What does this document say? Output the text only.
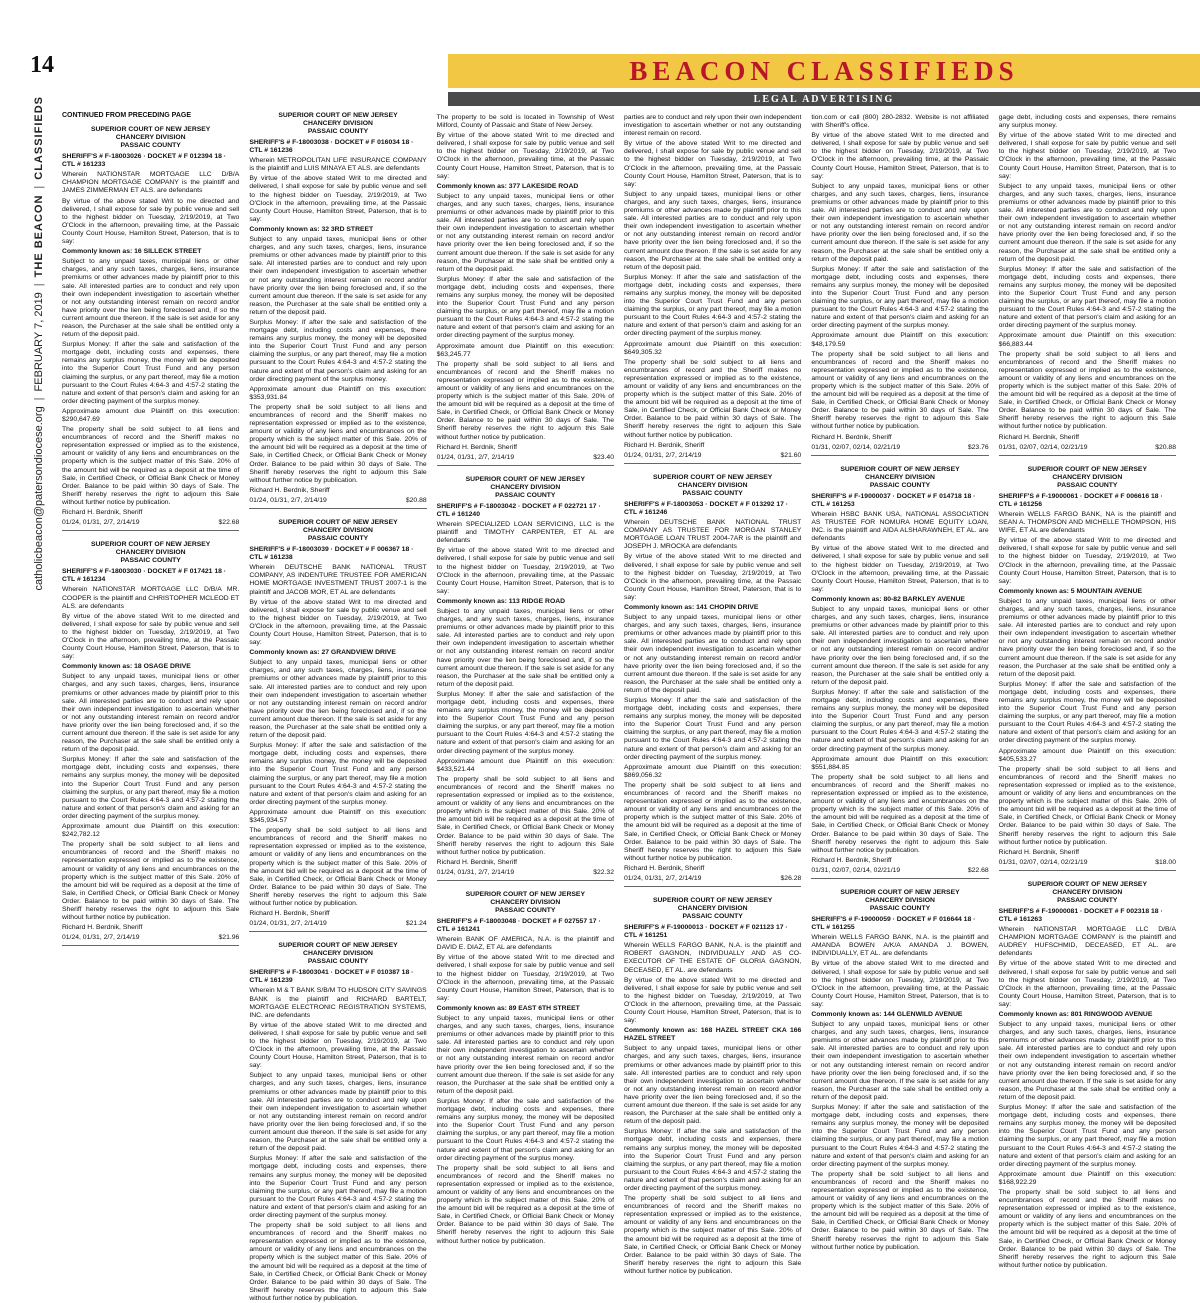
14	BEACON CLASSIFIEDS
LEGAL ADVERTISING
CLASSIFIEDS
|
THE BEACON
|
FEBRUARY 7, 2019
|
catholicbeacon@patersondiocese.org
CONTINUED FROM PRECEDING PAGE
SUPERIOR COURT OF NEW JERSEY
CHANCERY DIVISION
PASSAIC COUNTY
SHERIFF'S # F-18003026 · DOCKET # F 012394 18 · CTL # 161233

Wherein NATIONSTAR MORTGAGE LLC D/B/A CHAMPION MORTGAGE COMPANY is the plaintiff and JAMES ZIMMERMAN ET ALS. are defendants

By virtue of the above stated Writ to me directed and delivered, I shall expose for sale by public venue and sell to the highest bidder on Tuesday, 2/19/2019, at Two O'Clock in the afternoon, prevailing time, at the Passaic County Court House, Hamilton Street, Paterson, that is to say:

Commonly known as: 16 SILLECK STREET

Subject to any unpaid taxes, municipal liens or other charges, and any such taxes, charges, liens, insurance premiums or other advances made by plaintiff prior to this sale. All interested parties are to conduct and rely upon their own independent investigation to ascertain whether or not any outstanding interest remain on record and/or have priority over the lien being foreclosed and, if so the current amount due thereon. If the sale is set aside for any reason, the Purchaser at the sale shall be entitled only a return of the deposit paid.

Surplus Money: If after the sale and satisfaction of the mortgage debt, including costs and expenses, there remains any surplus money, the money will be deposited into the Superior Court Trust Fund and any person claiming the surplus, or any part thereof, may file a motion pursuant to the Court Rules 4:64-3 and 4:57-2 stating the nature and extent of that person's claim and asking for an order directing payment of the surplus money.

Approximate amount due Plaintiff on this execution: $290,647.69

The property shall be sold subject to all liens and encumbrances of record and the Sheriff makes no representation expressed or implied as to the existence, amount or validity of any liens and encumbrances on the property which is the subject matter of this Sale. 20% of the amount bid will be required as a deposit at the time of Sale, in Certified Check, or Official Bank Check or Money Order. Balance to be paid within 30 days of Sale. The Sheriff hereby reserves the right to adjourn this Sale without further notice by publication.

Richard H. Berdnik, Sheriff

01/24, 01/31, 2/7, 2/14/19	$22.68
SUPERIOR COURT OF NEW JERSEY
CHANCERY DIVISION
PASSAIC COUNTY
SHERIFF'S # F-18003030 · DOCKET # F 017421 18 · CTL # 161234

Wherein NATIONSTAR MORTGAGE LLC D/B/A MR. COOPER is the plaintiff and CHRISTOPHER MCLEOD ET ALS. are defendants

By virtue of the above stated Writ to me directed and delivered, I shall expose for sale by public venue and sell to the highest bidder on Tuesday, 2/19/2019, at Two O'Clock in the afternoon, prevailing time, at the Passaic County Court House, Hamilton Street, Paterson, that is to say:

Commonly known as: 18 OSAGE DRIVE

Subject to any unpaid taxes, municipal liens or other charges, and any such taxes, charges, liens, insurance premiums or other advances made by plaintiff prior to this sale. All interested parties are to conduct and rely upon their own independent investigation to ascertain whether or not any outstanding interest remain on record and/or have priority over the lien being foreclosed and, if so the current amount due thereon. If the sale is set aside for any reason, the Purchaser at the sale shall be entitled only a return of the deposit paid.

Surplus Money: If after the sale and satisfaction of the mortgage debt, including costs and expenses, there remains any surplus money, the money will be deposited into the Superior Court Trust Fund and any person claiming the surplus, or any part thereof, may file a motion pursuant to the Court Rules 4:64-3 and 4:57-2 stating the nature and extent of that person's claim and asking for an order directing payment of the surplus money.

Approximate amount due Plaintiff on this execution: $242,782.12

The property shall be sold subject to all liens and encumbrances of record and the Sheriff makes no representation expressed or implied as to the existence, amount or validity of any liens and encumbrances on the property which is the subject matter of this Sale. 20% of the amount bid will be required as a deposit at the time of Sale, in Certified Check, or Official Bank Check or Money Order. Balance to be paid within 30 days of Sale. The Sheriff hereby reserves the right to adjourn this Sale without further notice by publication.

Richard H. Berdnik, Sheriff

01/24, 01/31, 2/7, 2/14/19	$21.96
SUPERIOR COURT OF NEW JERSEY
CHANCERY DIVISION
PASSAIC COUNTY
SHERIFF'S # F-18003038 · DOCKET # F 016034 18 · CTL # 161236

Wherein METROPOLITAN LIFE INSURANCE COMPANY is the plaintiff and LUIS MINAYA ET ALS. are defendants

By virtue of the above stated Writ to me directed and delivered, I shall expose for sale by public venue and sell to the highest bidder on Tuesday, 2/19/2019, at Two O'Clock in the afternoon, prevailing time, at the Passaic County Court House, Hamilton Street, Paterson, that is to say:

Commonly known as: 32 3RD STREET

Subject to any unpaid taxes, municipal liens or other charges, and any such taxes, charges, liens, insurance premiums or other advances made by plaintiff prior to this sale. All interested parties are to conduct and rely upon their own independent investigation to ascertain whether or not any outstanding interest remain on record and/or have priority over the lien being foreclosed and, if so the current amount due thereon. If the sale is set aside for any reason, the Purchaser at the sale shall be entitled only a return of the deposit paid.

Surplus Money: If after the sale and satisfaction of the mortgage debt, including costs and expenses, there remains any surplus money, the money will be deposited into the Superior Court Trust Fund and any person claiming the surplus, or any part thereof, may file a motion pursuant to the Court Rules 4:64-3 and 4:57-2 stating the nature and extent of that person's claim and asking for an order directing payment of the surplus money.

Approximate amount due Plaintiff on this execution: $353,931.84

The property shall be sold subject to all liens and encumbrances of record and the Sheriff makes no representation expressed or implied as to the existence, amount or validity of any liens and encumbrances on the property which is the subject matter of this Sale. 20% of the amount bid will be required as a deposit at the time of Sale, in Certified Check, or Official Bank Check or Money Order. Balance to be paid within 30 days of Sale. The Sheriff hereby reserves the right to adjourn this Sale without further notice by publication.

Richard H. Berdnik, Sheriff

01/24, 01/31, 2/7, 2/14/19	$20.88
SUPERIOR COURT OF NEW JERSEY
CHANCERY DIVISION
PASSAIC COUNTY
SHERIFF'S # F-18003039 · DOCKET # F 006367 18 · CTL # 161238

Wherein DEUTSCHE BANK NATIONAL TRUST COMPANY, AS INDENTURE TRUSTEE FOR AMERICAN HOME MORTGAGE INVESTMENT TRUST 2007-1 is the plaintiff and JACOB MOR, ET AL are defendants

By virtue of the above stated Writ to me directed and delivered, I shall expose for sale by public venue and sell to the highest bidder on Tuesday, 2/19/2019, at Two O'Clock in the afternoon, prevailing time, at the Passaic County Court House, Hamilton Street, Paterson, that is to say:

Commonly known as: 27 GRANDVIEW DRIVE

Subject to any unpaid taxes, municipal liens or other charges, and any such taxes, charges, liens, insurance premiums or other advances made by plaintiff prior to this sale. All interested parties are to conduct and rely upon their own independent investigation to ascertain whether or not any outstanding interest remain on record and/or have priority over the lien being foreclosed and, if so the current amount due thereon. If the sale is set aside for any reason, the Purchaser at the sale shall be entitled only a return of the deposit paid.

Surplus Money: If after the sale and satisfaction of the mortgage debt, including costs and expenses, there remains any surplus money, the money will be deposited into the Superior Court Trust Fund and any person claiming the surplus, or any part thereof, may file a motion pursuant to the Court Rules 4:64-3 and 4:57-2 stating the nature and extent of that person's claim and asking for an order directing payment of the surplus money.

Approximate amount due Plaintiff on this execution: $345,934.57

The property shall be sold subject to all liens and encumbrances of record and the Sheriff makes no representation expressed or implied as to the existence, amount or validity of any liens and encumbrances on the property which is the subject matter of this Sale. 20% of the amount bid will be required as a deposit at the time of Sale, in Certified Check, or Official Bank Check or Money Order. Balance to be paid within 30 days of Sale. The Sheriff hereby reserves the right to adjourn this Sale without further notice by publication.

Richard H. Berdnik, Sheriff

01/24, 01/31, 2/7, 2/14/19	$21.24
SUPERIOR COURT OF NEW JERSEY
CHANCERY DIVISION
PASSAIC COUNTY
SHERIFF'S # F-18003041 · DOCKET # F 010387 18 · CTL # 161239

Wherein M & T BANK S/B/M TO HUDSON CITY SAVINGS BANK is the plaintiff and RICHARD BARTELT, MORTGAGE ELECTRONIC REGISTRATION SYSTEMS, INC. are defendants

By virtue of the above stated Writ to me directed and delivered, I shall expose for sale by public venue and sell to the highest bidder on Tuesday, 2/19/2019, at Two O'Clock in the afternoon, prevailing time, at the Passaic County Court House, Hamilton Street, Paterson, that is to say:

Subject to any unpaid taxes, municipal liens or other charges, and any such taxes, charges, liens, insurance premiums or other advances made by plaintiff prior to this sale. All interested parties are to conduct and rely upon their own independent investigation to ascertain whether or not any outstanding interest remain on record and/or have priority over the lien being foreclosed and, if so the current amount due thereon. If the sale is set aside for any reason, the Purchaser at the sale shall be entitled only a return of the deposit paid.

Surplus Money: If after the sale and satisfaction of the mortgage debt, including costs and expenses, there remains any surplus money, the money will be deposited into the Superior Court Trust Fund and any person claiming the surplus, or any part thereof, may file a motion pursuant to the Court Rules 4:64-3 and 4:57-2 stating the nature and extent of that person's claim and asking for an order directing payment of the surplus money.

The property shall be sold subject to all liens and encumbrances of record and the Sheriff makes no representation expressed or implied as to the existence, amount or validity of any liens and encumbrances on the property which is the subject matter of this Sale. 20% of the amount bid will be required as a deposit at the time of Sale, in Certified Check, or Official Bank Check or Money Order. Balance to be paid within 30 days of Sale. The Sheriff hereby reserves the right to adjourn this Sale without further notice by publication.

The property to be sold is located in Township of West Milford, County of Passaic and State of New Jersey.

By virtue of the above stated Writ to me directed and delivered, I shall expose for sale by public venue and sell to the highest bidder on Tuesday, 2/19/2019, at Two O'Clock in the afternoon, prevailing time, at the Passaic County Court House, Hamilton Street, Paterson, that is to say:

Commonly known as: 377 LAKESIDE ROAD

Subject to any unpaid taxes, municipal liens or other charges, and any such taxes, charges, liens, insurance premiums or other advances made by plaintiff prior to this sale. All interested parties are to conduct and rely upon their own independent investigation to ascertain whether or not any outstanding interest remain on record and/or have priority over the lien being foreclosed and, if so the current amount due thereon. If the sale is set aside for any reason, the Purchaser at the sale shall be entitled only a return of the deposit paid.

Surplus Money: If after the sale and satisfaction of the mortgage debt, including costs and expenses, there remains any surplus money, the money will be deposited into the Superior Court Trust Fund and any person claiming the surplus, or any part thereof, may file a motion pursuant to the Court Rules 4:64-3 and 4:57-2 stating the nature and extent of that person's claim and asking for an order directing payment of the surplus money.

Approximate amount due Plaintiff on this execution: $63,245.77

The property shall be sold subject to all liens and encumbrances of record and the Sheriff makes no representation expressed or implied as to the existence, amount or validity of any liens and encumbrances on the property which is the subject matter of this Sale. 20% of the amount bid will be required as a deposit at the time of Sale, in Certified Check, or Official Bank Check or Money Order. Balance to be paid within 30 days of Sale. The Sheriff hereby reserves the right to adjourn this Sale without further notice by publication.

Richard H. Berdnik, Sheriff

01/24, 01/31, 2/7, 2/14/19	$23.40
SUPERIOR COURT OF NEW JERSEY
CHANCERY DIVISION
PASSAIC COUNTY
SHERIFF'S # F-18003042 · DOCKET # F 022721 17 · CTL # 161240

Wherein SPECIALIZED LOAN SERVICING, LLC is the plaintiff and TIMOTHY CARPENTER, ET AL are defendants

By virtue of the above stated Writ to me directed and delivered, I shall expose for sale by public venue and sell to the highest bidder on Tuesday, 2/19/2019, at Two O'Clock in the afternoon, prevailing time, at the Passaic County Court House, Hamilton Street, Paterson, that is to say:

Commonly known as: 113 RIDGE ROAD

Subject to any unpaid taxes, municipal liens or other charges, and any such taxes, charges, liens, insurance premiums or other advances made by plaintiff prior to this sale. All interested parties are to conduct and rely upon their own independent investigation to ascertain whether or not any outstanding interest remain on record and/or have priority over the lien being foreclosed and, if so the current amount due thereon. If the sale is set aside for any reason, the Purchaser at the sale shall be entitled only a return of the deposit paid.

Surplus Money: If after the sale and satisfaction of the mortgage debt, including costs and expenses, there remains any surplus money, the money will be deposited into the Superior Court Trust Fund and any person claiming the surplus, or any part thereof, may file a motion pursuant to the Court Rules 4:64-3 and 4:57-2 stating the nature and extent of that person's claim and asking for an order directing payment of the surplus money.

Approximate amount due Plaintiff on this execution: $433,521.44

The property shall be sold subject to all liens and encumbrances of record and the Sheriff makes no representation expressed or implied as to the existence, amount or validity of any liens and encumbrances on the property which is the subject matter of this Sale. 20% of the amount bid will be required as a deposit at the time of Sale, in Certified Check, or Official Bank Check or Money Order. Balance to be paid within 30 days of Sale. The Sheriff hereby reserves the right to adjourn this Sale without further notice by publication.

Richard H. Berdnik, Sheriff

01/24, 01/31, 2/7, 2/14/19	$22.32
SUPERIOR COURT OF NEW JERSEY
CHANCERY DIVISION
PASSAIC COUNTY
SHERIFF'S # F-18003048 · DOCKET # F 027557 17 · CTL # 161241

Wherein BANK OF AMERICA, N.A. is the plaintiff and DAVID E. DIAZ, ET AL are defendants

By virtue of the above stated Writ to me directed and delivered, I shall expose for sale by public venue and sell to the highest bidder on Tuesday, 2/19/2019, at Two O'Clock in the afternoon, prevailing time, at the Passaic County Court House, Hamilton Street, Paterson, that is to say:

Commonly known as: 89 EAST 6TH STREET

Subject to any unpaid taxes, municipal liens or other charges, and any such taxes, charges, liens, insurance premiums or other advances made by plaintiff prior to this sale. All interested parties are to conduct and rely upon their own independent investigation to ascertain whether or not any outstanding interest remain on record and/or have priority over the lien being foreclosed and, if so the current amount due thereon. If the sale is set aside for any reason, the Purchaser at the sale shall be entitled only a return of the deposit paid.

Surplus Money: If after the sale and satisfaction of the mortgage debt, including costs and expenses, there remains any surplus money, the money will be deposited into the Superior Court Trust Fund and any person claiming the surplus, or any part thereof, may file a motion pursuant to the Court Rules 4:64-3 and 4:57-2 stating the nature and extent of that person's claim and asking for an order directing payment of the surplus money.

The property shall be sold subject to all liens and encumbrances of record and the Sheriff makes no representation expressed or implied as to the existence, amount or validity of any liens and encumbrances on the property which is the subject matter of this Sale. 20% of the amount bid will be required as a deposit at the time of Sale, in Certified Check, or Official Bank Check or Money Order. Balance to be paid within 30 days of Sale. The Sheriff hereby reserves the right to adjourn this Sale without further notice by publication.

parties are to conduct and rely upon their own independent investigation to ascertain whether or not any outstanding interest remain on record.

By virtue of the above stated Writ to me directed and delivered, I shall expose for sale by public venue and sell to the highest bidder on Tuesday, 2/19/2019, at Two O'Clock in the afternoon, prevailing time, at the Passaic County Court House, Hamilton Street, Paterson, that is to say:

Subject to any unpaid taxes, municipal liens or other charges, and any such taxes, charges, liens, insurance premiums or other advances made by plaintiff prior to this sale. All interested parties are to conduct and rely upon their own independent investigation to ascertain whether or not any outstanding interest remain on record and/or have priority over the lien being foreclosed and, if so the current amount due thereon. If the sale is set aside for any reason, the Purchaser at the sale shall be entitled only a return of the deposit paid.

Surplus Money: If after the sale and satisfaction of the mortgage debt, including costs and expenses, there remains any surplus money, the money will be deposited into the Superior Court Trust Fund and any person claiming the surplus, or any part thereof, may file a motion pursuant to the Court Rules 4:64-3 and 4:57-2 stating the nature and extent of that person's claim and asking for an order directing payment of the surplus money.

Approximate amount due Plaintiff on this execution: $649,305.32

The property shall be sold subject to all liens and encumbrances of record and the Sheriff makes no representation expressed or implied as to the existence, amount or validity of any liens and encumbrances on the property which is the subject matter of this Sale. 20% of the amount bid will be required as a deposit at the time of Sale, in Certified Check, or Official Bank Check or Money Order. Balance to be paid within 30 days of Sale. The Sheriff hereby reserves the right to adjourn this Sale without further notice by publication.

Richard H. Berdnik, Sheriff

01/24, 01/31, 2/7, 2/14/19	$21.60
SUPERIOR COURT OF NEW JERSEY
CHANCERY DIVISION
PASSAIC COUNTY
SHERIFF'S # F-18003053 · DOCKET # F 013292 17 · CTL # 161246

Wherein DEUTSCHE BANK NATIONAL TRUST COMPANY AS TRUSTEE FOR MORGAN STANLEY MORTGAGE LOAN TRUST 2004-7AR is the plaintiff and JOSEPH J. MROCKA are defendants

By virtue of the above stated Writ to me directed and delivered, I shall expose for sale by public venue and sell to the highest bidder on Tuesday, 2/19/2019, at Two O'Clock in the afternoon, prevailing time, at the Passaic County Court House, Hamilton Street, Paterson, that is to say:

Commonly known as: 141 CHOPIN DRIVE

Subject to any unpaid taxes, municipal liens or other charges, and any such taxes, charges, liens, insurance premiums or other advances made by plaintiff prior to this sale. All interested parties are to conduct and rely upon their own independent investigation to ascertain whether or not any outstanding interest remain on record and/or have priority over the lien being foreclosed and, if so the current amount due thereon. If the sale is set aside for any reason, the Purchaser at the sale shall be entitled only a return of the deposit paid.

Surplus Money: If after the sale and satisfaction of the mortgage debt, including costs and expenses, there remains any surplus money, the money will be deposited into the Superior Court Trust Fund and any person claiming the surplus, or any part thereof, may file a motion pursuant to the Court Rules 4:64-3 and 4:57-2 stating the nature and extent of that person's claim and asking for an order directing payment of the surplus money.

Approximate amount due Plaintiff on this execution: $869,056.32

The property shall be sold subject to all liens and encumbrances of record and the Sheriff makes no representation expressed or implied as to the existence, amount or validity of any liens and encumbrances on the property which is the subject matter of this Sale. 20% of the amount bid will be required as a deposit at the time of Sale, in Certified Check, or Official Bank Check or Money Order. Balance to be paid within 30 days of Sale. The Sheriff hereby reserves the right to adjourn this Sale without further notice by publication.

Richard H. Berdnik, Sheriff

01/24, 01/31, 2/7, 2/14/19	$26.28
SUPERIOR COURT OF NEW JERSEY
CHANCERY DIVISION
PASSAIC COUNTY
SHERIFF'S # F-19000013 · DOCKET # F 021123 17 · CTL # 161251

Wherein WELLS FARGO BANK, N.A. is the plaintiff and ROBERT GAGNON, INDIVIDUALLY AND AS CO-EXECUTOR OF THE ESTATE OF GLORIA GAGNON, DECEASED, ET AL. are defendants

By virtue of the above stated Writ to me directed and delivered, I shall expose for sale by public venue and sell to the highest bidder on Tuesday, 2/19/2019, at Two O'Clock in the afternoon, prevailing time, at the Passaic County Court House, Hamilton Street, Paterson, that is to say:

Commonly known as: 168 HAZEL STREET CKA 166 HAZEL STREET

Subject to any unpaid taxes, municipal liens or other charges, and any such taxes, charges, liens, insurance premiums or other advances made by plaintiff prior to this sale. All interested parties are to conduct and rely upon their own independent investigation to ascertain whether or not any outstanding interest remain on record and/or have priority over the lien being foreclosed and, if so the current amount due thereon. If the sale is set aside for any reason, the Purchaser at the sale shall be entitled only a return of the deposit paid.

Surplus Money: If after the sale and satisfaction of the mortgage debt, including costs and expenses, there remains any surplus money, the money will be deposited into the Superior Court Trust Fund and any person claiming the surplus, or any part thereof, may file a motion pursuant to the Court Rules 4:64-3 and 4:57-2 stating the nature and extent of that person's claim and asking for an order directing payment of the surplus money.

The property shall be sold subject to all liens and encumbrances of record and the Sheriff makes no representation expressed or implied as to the existence, amount or validity of any liens and encumbrances on the property which is the subject matter of this Sale. 20% of the amount bid will be required as a deposit at the time of Sale, in Certified Check, or Official Bank Check or Money Order. Balance to be paid within 30 days of Sale. The Sheriff hereby reserves the right to adjourn this Sale without further notice by publication.

tion.com or call (800) 280-2832. Website is not affiliated with Sheriff's office.

By virtue of the above stated Writ to me directed and delivered, I shall expose for sale by public venue and sell to the highest bidder on Tuesday, 2/19/2019, at Two O'Clock in the afternoon, prevailing time, at the Passaic County Court House, Hamilton Street, Paterson, that is to say:

Subject to any unpaid taxes, municipal liens or other charges, and any such taxes, charges, liens, insurance premiums or other advances made by plaintiff prior to this sale. All interested parties are to conduct and rely upon their own independent investigation to ascertain whether or not any outstanding interest remain on record and/or have priority over the lien being foreclosed and, if so the current amount due thereon. If the sale is set aside for any reason, the Purchaser at the sale shall be entitled only a return of the deposit paid.

Surplus Money: If after the sale and satisfaction of the mortgage debt, including costs and expenses, there remains any surplus money, the money will be deposited into the Superior Court Trust Fund and any person claiming the surplus, or any part thereof, may file a motion pursuant to the Court Rules 4:64-3 and 4:57-2 stating the nature and extent of that person's claim and asking for an order directing payment of the surplus money.

Approximate amount due Plaintiff on this execution: $48,179.59

The property shall be sold subject to all liens and encumbrances of record and the Sheriff makes no representation expressed or implied as to the existence, amount or validity of any liens and encumbrances on the property which is the subject matter of this Sale. 20% of the amount bid will be required as a deposit at the time of Sale, in Certified Check, or Official Bank Check or Money Order. Balance to be paid within 30 days of Sale. The Sheriff hereby reserves the right to adjourn this Sale without further notice by publication.

Richard H. Berdnik, Sheriff

01/31, 02/07, 02/14, 02/21/19	$23.76
SUPERIOR COURT OF NEW JERSEY
CHANCERY DIVISION
PASSAIC COUNTY
SHERIFF'S # F-19000037 · DOCKET # F 014718 18 · CTL # 161253

Wherein HSBC BANK USA, NATIONAL ASSOCIATION AS TRUSTEE FOR NOMURA HOME EQUITY LOAN, INC. is the plaintiff and AIDA ALSHARAWNEH, ET AL. are defendants

By virtue of the above stated Writ to me directed and delivered, I shall expose for sale by public venue and sell to the highest bidder on Tuesday, 2/19/2019, at Two O'Clock in the afternoon, prevailing time, at the Passaic County Court House, Hamilton Street, Paterson, that is to say:

Commonly known as: 80-82 BARKLEY AVENUE

Subject to any unpaid taxes, municipal liens or other charges, and any such taxes, charges, liens, insurance premiums or other advances made by plaintiff prior to this sale. All interested parties are to conduct and rely upon their own independent investigation to ascertain whether or not any outstanding interest remain on record and/or have priority over the lien being foreclosed and, if so the current amount due thereon. If the sale is set aside for any reason, the Purchaser at the sale shall be entitled only a return of the deposit paid.

Surplus Money: If after the sale and satisfaction of the mortgage debt, including costs and expenses, there remains any surplus money, the money will be deposited into the Superior Court Trust Fund and any person claiming the surplus, or any part thereof, may file a motion pursuant to the Court Rules 4:64-3 and 4:57-2 stating the nature and extent of that person's claim and asking for an order directing payment of the surplus money.

Approximate amount due Plaintiff on this execution: $551,884.85

The property shall be sold subject to all liens and encumbrances of record and the Sheriff makes no representation expressed or implied as to the existence, amount or validity of any liens and encumbrances on the property which is the subject matter of this Sale. 20% of the amount bid will be required as a deposit at the time of Sale, in Certified Check, or Official Bank Check or Money Order. Balance to be paid within 30 days of Sale. The Sheriff hereby reserves the right to adjourn this Sale without further notice by publication.

Richard H. Berdnik, Sheriff

01/31, 02/07, 02/14, 02/21/19	$22.68
SUPERIOR COURT OF NEW JERSEY
CHANCERY DIVISION
PASSAIC COUNTY
SHERIFF'S # F-19000059 · DOCKET # F 016644 18 · CTL # 161255

Wherein WELLS FARGO BANK, N.A. is the plaintiff and AMANDA BOWEN A/K/A AMANDA J. BOWEN, INDIVIDUALLY, ET AL. are defendants

By virtue of the above stated Writ to me directed and delivered, I shall expose for sale by public venue and sell to the highest bidder on Tuesday, 2/19/2019, at Two O'Clock in the afternoon, prevailing time, at the Passaic County Court House, Hamilton Street, Paterson, that is to say:

Commonly known as: 144 GLENWILD AVENUE

Subject to any unpaid taxes, municipal liens or other charges, and any such taxes, charges, liens, insurance premiums or other advances made by plaintiff prior to this sale. All interested parties are to conduct and rely upon their own independent investigation to ascertain whether or not any outstanding interest remain on record and/or have priority over the lien being foreclosed and, if so the current amount due thereon. If the sale is set aside for any reason, the Purchaser at the sale shall be entitled only a return of the deposit paid.

Surplus Money: If after the sale and satisfaction of the mortgage debt, including costs and expenses, there remains any surplus money, the money will be deposited into the Superior Court Trust Fund and any person claiming the surplus, or any part thereof, may file a motion pursuant to the Court Rules 4:64-3 and 4:57-2 stating the nature and extent of that person's claim and asking for an order directing payment of the surplus money.

The property shall be sold subject to all liens and encumbrances of record and the Sheriff makes no representation expressed or implied as to the existence, amount or validity of any liens and encumbrances on the property which is the subject matter of this Sale. 20% of the amount bid will be required as a deposit at the time of Sale, in Certified Check, or Official Bank Check or Money Order. Balance to be paid within 30 days of Sale. The Sheriff hereby reserves the right to adjourn this Sale without further notice by publication.

gage debt, including costs and expenses, there remains any surplus money.

By virtue of the above stated Writ to me directed and delivered, I shall expose for sale by public venue and sell to the highest bidder on Tuesday, 2/19/2019, at Two O'Clock in the afternoon, prevailing time, at the Passaic County Court House, Hamilton Street, Paterson, that is to say:

Subject to any unpaid taxes, municipal liens or other charges, and any such taxes, charges, liens, insurance premiums or other advances made by plaintiff prior to this sale. All interested parties are to conduct and rely upon their own independent investigation to ascertain whether or not any outstanding interest remain on record and/or have priority over the lien being foreclosed and, if so the current amount due thereon. If the sale is set aside for any reason, the Purchaser at the sale shall be entitled only a return of the deposit paid.

Surplus Money: If after the sale and satisfaction of the mortgage debt, including costs and expenses, there remains any surplus money, the money will be deposited into the Superior Court Trust Fund and any person claiming the surplus, or any part thereof, may file a motion pursuant to the Court Rules 4:64-3 and 4:57-2 stating the nature and extent of that person's claim and asking for an order directing payment of the surplus money.

Approximate amount due Plaintiff on this execution: $66,883.44

The property shall be sold subject to all liens and encumbrances of record and the Sheriff makes no representation expressed or implied as to the existence, amount or validity of any liens and encumbrances on the property which is the subject matter of this Sale. 20% of the amount bid will be required as a deposit at the time of Sale, in Certified Check, or Official Bank Check or Money Order. Balance to be paid within 30 days of Sale. The Sheriff hereby reserves the right to adjourn this Sale without further notice by publication.

Richard H. Berdnik, Sheriff

01/31, 02/07, 02/14, 02/21/19	$20.88
SUPERIOR COURT OF NEW JERSEY
CHANCERY DIVISION
PASSAIC COUNTY
SHERIFF'S # F-19000061 · DOCKET # F 006616 18 · CTL # 161256

Wherein WELLS FARGO BANK, NA is the plaintiff and SEAN A. THOMPSON AND MICHELLE THOMPSON, HIS WIFE, ET AL are defendants

By virtue of the above stated Writ to me directed and delivered, I shall expose for sale by public venue and sell to the highest bidder on Tuesday, 2/19/2019, at Two O'Clock in the afternoon, prevailing time, at the Passaic County Court House, Hamilton Street, Paterson, that is to say:

Commonly known as: 5 MOUNTAIN AVENUE

Subject to any unpaid taxes, municipal liens or other charges, and any such taxes, charges, liens, insurance premiums or other advances made by plaintiff prior to this sale. All interested parties are to conduct and rely upon their own independent investigation to ascertain whether or not any outstanding interest remain on record and/or have priority over the lien being foreclosed and, if so the current amount due thereon. If the sale is set aside for any reason, the Purchaser at the sale shall be entitled only a return of the deposit paid.

Surplus Money: If after the sale and satisfaction of the mortgage debt, including costs and expenses, there remains any surplus money, the money will be deposited into the Superior Court Trust Fund and any person claiming the surplus, or any part thereof, may file a motion pursuant to the Court Rules 4:64-3 and 4:57-2 stating the nature and extent of that person's claim and asking for an order directing payment of the surplus money.

Approximate amount due Plaintiff on this execution: $405,533.27

The property shall be sold subject to all liens and encumbrances of record and the Sheriff makes no representation expressed or implied as to the existence, amount or validity of any liens and encumbrances on the property which is the subject matter of this Sale. 20% of the amount bid will be required as a deposit at the time of Sale, in Certified Check, or Official Bank Check or Money Order. Balance to be paid within 30 days of Sale. The Sheriff hereby reserves the right to adjourn this Sale without further notice by publication.

Richard H. Berdnik, Sheriff

01/31, 02/07, 02/14, 02/21/19	$18.00
SUPERIOR COURT OF NEW JERSEY
CHANCERY DIVISION
PASSAIC COUNTY
SHERIFF'S # F-19000081 · DOCKET # F 002318 18 · CTL # 161263

Wherein NATIONSTAR MORTGAGE LLC D/B/A CHAMPION MORTGAGE COMPANY is the plaintiff and AUDREY HUFSCHMID, DECEASED, ET AL. are defendants

By virtue of the above stated Writ to me directed and delivered, I shall expose for sale by public venue and sell to the highest bidder on Tuesday, 2/19/2019, at Two O'Clock in the afternoon, prevailing time, at the Passaic County Court House, Hamilton Street, Paterson, that is to say:

Commonly known as: 801 RINGWOOD AVENUE

Subject to any unpaid taxes, municipal liens or other charges, and any such taxes, charges, liens, insurance premiums or other advances made by plaintiff prior to this sale. All interested parties are to conduct and rely upon their own independent investigation to ascertain whether or not any outstanding interest remain on record and/or have priority over the lien being foreclosed and, if so the current amount due thereon. If the sale is set aside for any reason, the Purchaser at the sale shall be entitled only a return of the deposit paid.

Surplus Money: If after the sale and satisfaction of the mortgage debt, including costs and expenses, there remains any surplus money, the money will be deposited into the Superior Court Trust Fund and any person claiming the surplus, or any part thereof, may file a motion pursuant to the Court Rules 4:64-3 and 4:57-2 stating the nature and extent of that person's claim and asking for an order directing payment of the surplus money.

Approximate amount due Plaintiff on this execution: $168,922.29

The property shall be sold subject to all liens and encumbrances of record and the Sheriff makes no representation expressed or implied as to the existence, amount or validity of any liens and encumbrances on the property which is the subject matter of this Sale. 20% of the amount bid will be required as a deposit at the time of Sale, in Certified Check, or Official Bank Check or Money Order. Balance to be paid within 30 days of Sale. The Sheriff hereby reserves the right to adjourn this Sale without further notice by publication.
